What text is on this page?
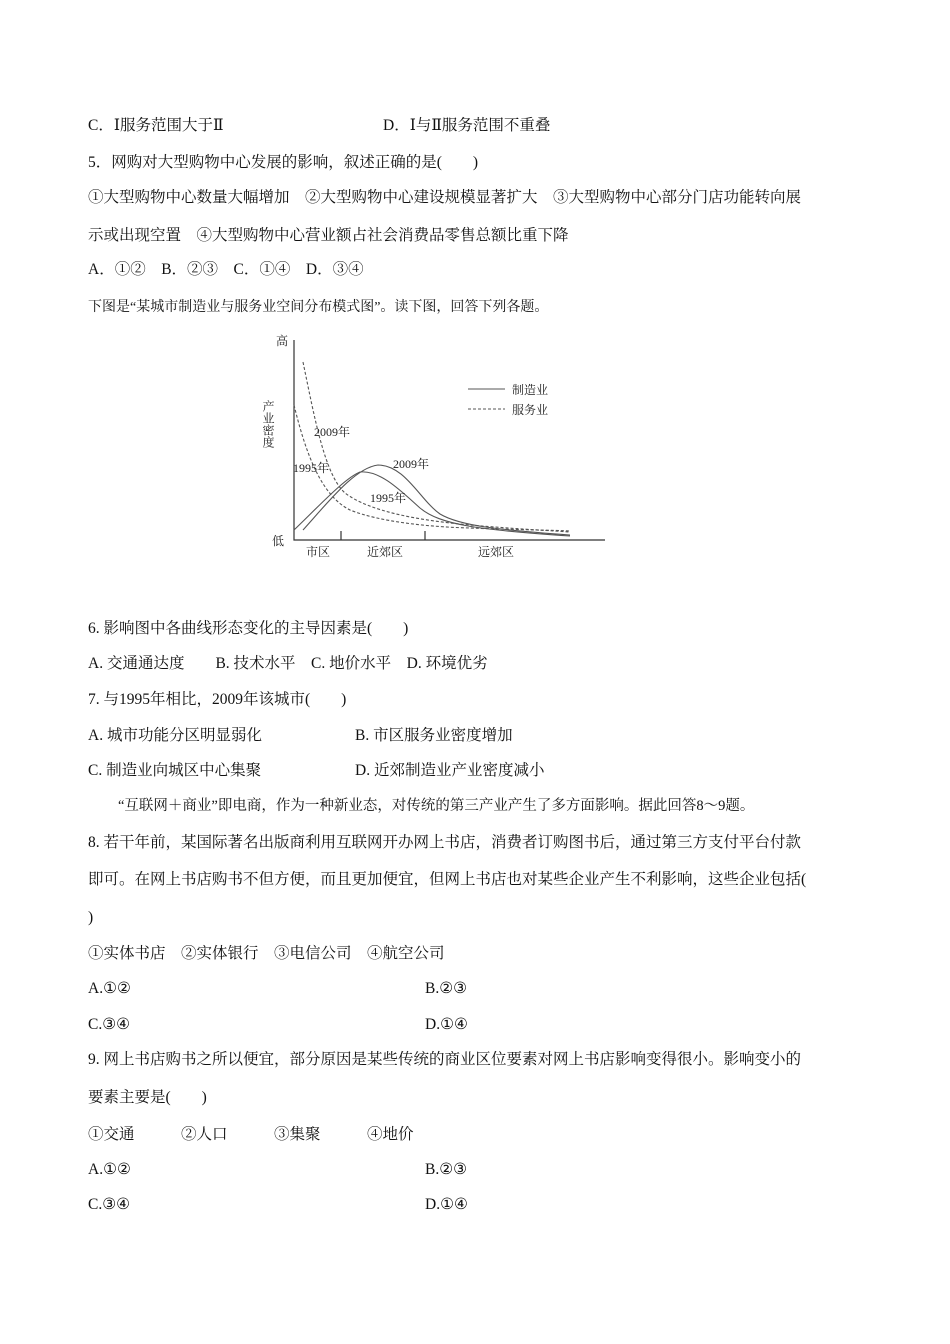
C．Ⅰ服务范围大于Ⅱ	D．Ⅰ与Ⅱ服务范围不重叠
5．网购对大型购物中心发展的影响，叙述正确的是(　　)
①大型购物中心数量大幅增加　②大型购物中心建设规模显著扩大　③大型购物中心部分门店功能转向展
示或出现空置　④大型购物中心营业额占社会消费品零售总额比重下降
A．①②　B．②③　C．①④　D．③④
下图是“某城市制造业与服务业空间分布模式图”。读下图，回答下列各题。
高
低
产业密度
市区	近郊区	远郊区
制造业
服务业
2009年
1995年	2009年
1995年
6. 影响图中各曲线形态变化的主导因素是(　　)
A. 交通通达度　　B. 技术水平　C. 地价水平　D. 环境优劣
7. 与1995年相比，2009年该城市(　　)
A. 城市功能分区明显弱化	B. 市区服务业密度增加
C. 制造业向城区中心集聚	D. 近郊制造业产业密度减小
“互联网＋商业”即电商，作为一种新业态，对传统的第三产业产生了多方面影响。据此回答8～9题。
8. 若干年前，某国际著名出版商利用互联网开办网上书店，消费者订购图书后，通过第三方支付平台付款
即可。在网上书店购书不但方便，而且更加便宜，但网上书店也对某些企业产生不利影响，这些企业包括(
)
①实体书店　②实体银行　③电信公司　④航空公司
A.①②	B.②③
C.③④	D.①④
9. 网上书店购书之所以便宜，部分原因是某些传统的商业区位要素对网上书店影响变得很小。影响变小的
要素主要是(　　)
①交通　　　②人口　　　③集聚　　　④地价
A.①②	B.②③
C.③④	D.①④
